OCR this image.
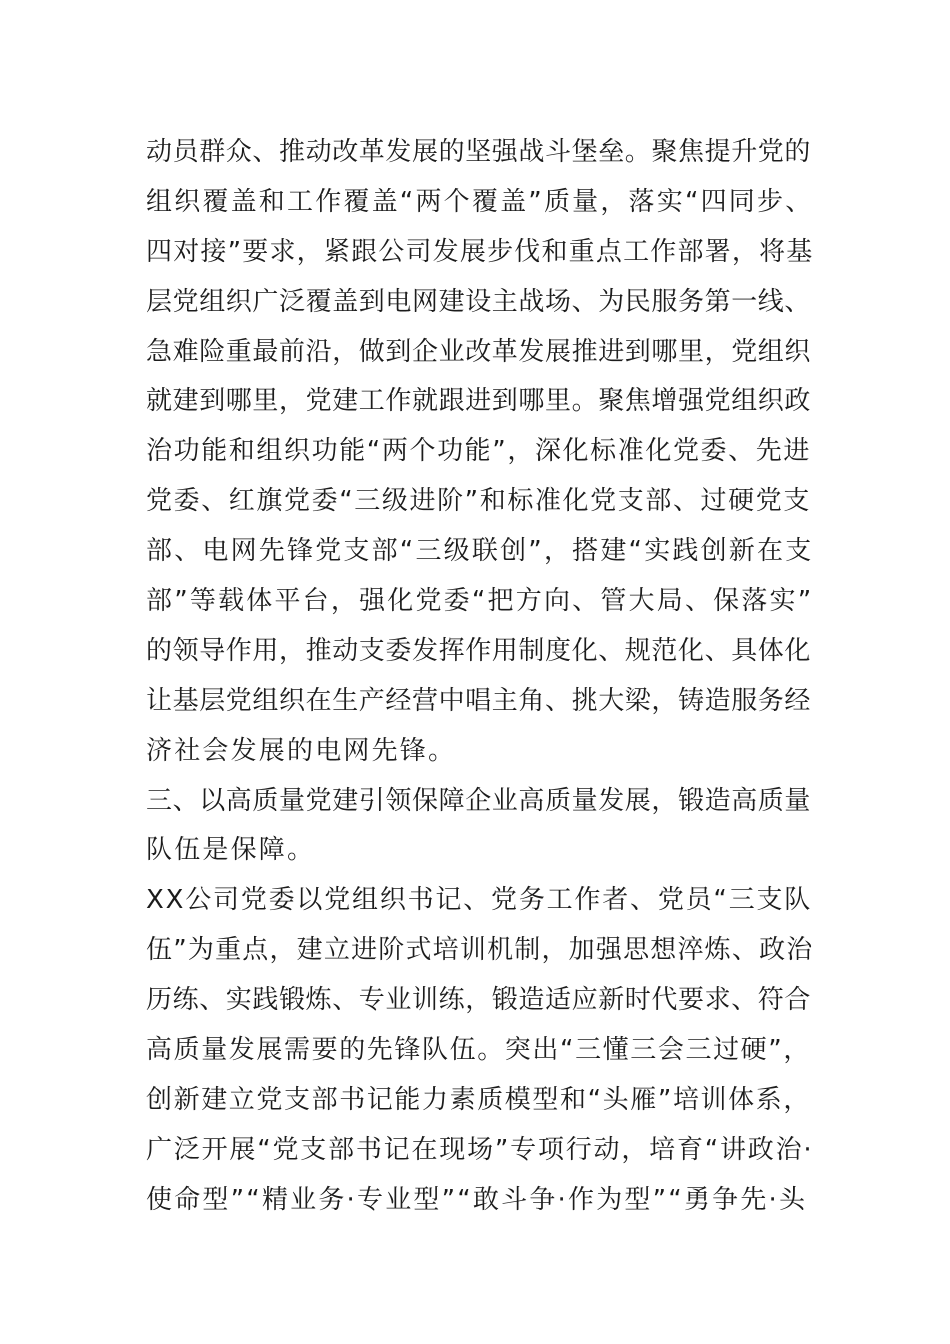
动员群众、推动改革发展的坚强战斗堡垒。聚焦提升党的
组织覆盖和工作覆盖“两个覆盖”质量，落实“四同步、
四对接”要求，紧跟公司发展步伐和重点工作部署，将基
层党组织广泛覆盖到电网建设主战场、为民服务第一线、
急难险重最前沿，做到企业改革发展推进到哪里，党组织
就建到哪里，党建工作就跟进到哪里。聚焦增强党组织政
治功能和组织功能“两个功能”，深化标准化党委、先进
党委、红旗党委“三级进阶”和标准化党支部、过硬党支
部、电网先锋党支部“三级联创”，搭建“实践创新在支
部”等载体平台，强化党委“把方向、管大局、保落实”
的领导作用，推动支委发挥作用制度化、规范化、具体化
让基层党组织在生产经营中唱主角、挑大梁，铸造服务经
济社会发展的电网先锋。
三、以高质量党建引领保障企业高质量发展，锻造高质量
队伍是保障。
XX公司党委以党组织书记、党务工作者、党员“三支队
伍”为重点，建立进阶式培训机制，加强思想淬炼、政治
历练、实践锻炼、专业训练，锻造适应新时代要求、符合
高质量发展需要的先锋队伍。突出“三懂三会三过硬”，
创新建立党支部书记能力素质模型和“头雁”培训体系，
广泛开展“党支部书记在现场”专项行动，培育“讲政治·
使命型”“精业务·专业型”“敢斗争·作为型”“勇争先·头
